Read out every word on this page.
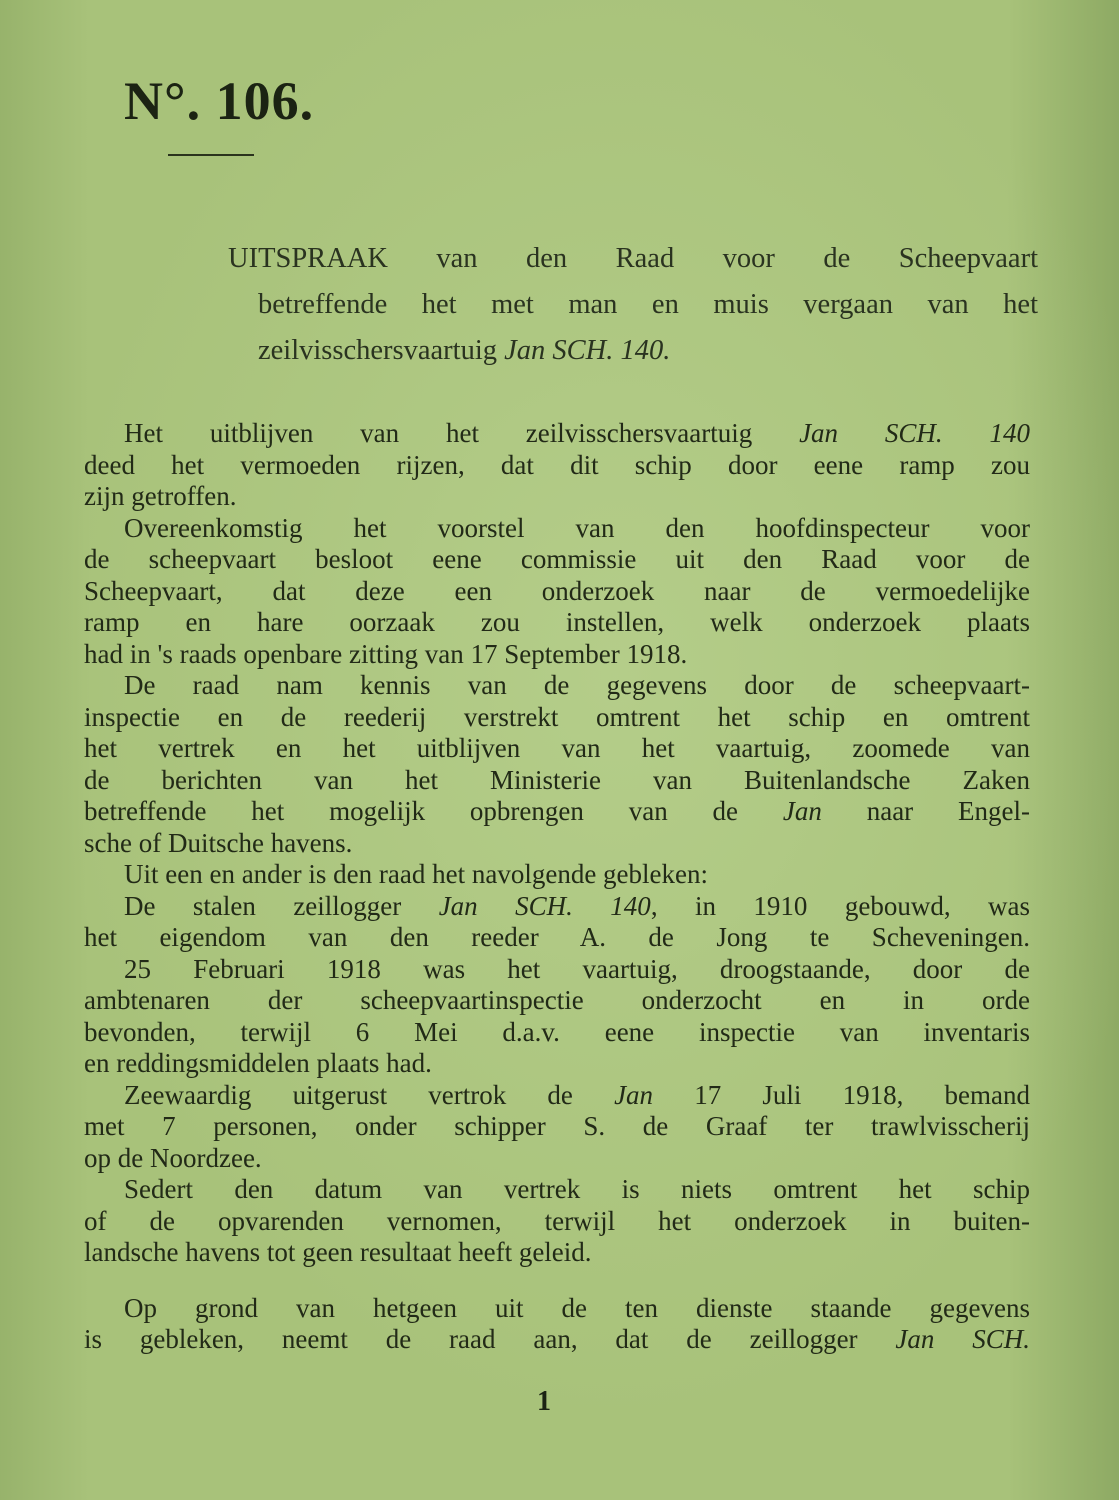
N°. 106.
UITSPRAAK van den Raad voor de Scheepvaart
betreffende het met man en muis vergaan van het
zeilvisschersvaartuig Jan SCH. 140.
Het uitblijven van het zeilvisschersvaartuig Jan SCH. 140
deed het vermoeden rijzen, dat dit schip door eene ramp zou
zijn getroffen.
Overeenkomstig het voorstel van den hoofdinspecteur voor
de scheepvaart besloot eene commissie uit den Raad voor de
Scheepvaart, dat deze een onderzoek naar de vermoedelijke
ramp en hare oorzaak zou instellen, welk onderzoek plaats
had in 's raads openbare zitting van 17 September 1918.
De raad nam kennis van de gegevens door de scheepvaart-
inspectie en de reederij verstrekt omtrent het schip en omtrent
het vertrek en het uitblijven van het vaartuig, zoomede van
de berichten van het Ministerie van Buitenlandsche Zaken
betreffende het mogelijk opbrengen van de Jan naar Engel-
sche of Duitsche havens.
Uit een en ander is den raad het navolgende gebleken:
De stalen zeillogger Jan SCH. 140, in 1910 gebouwd, was
het eigendom van den reeder A. de Jong te Scheveningen.
25 Februari 1918 was het vaartuig, droogstaande, door de
ambtenaren der scheepvaartinspectie onderzocht en in orde
bevonden, terwijl 6 Mei d.a.v. eene inspectie van inventaris
en reddingsmiddelen plaats had.
Zeewaardig uitgerust vertrok de Jan 17 Juli 1918, bemand
met 7 personen, onder schipper S. de Graaf ter trawlvisscherij
op de Noordzee.
Sedert den datum van vertrek is niets omtrent het schip
of de opvarenden vernomen, terwijl het onderzoek in buiten-
landsche havens tot geen resultaat heeft geleid.
Op grond van hetgeen uit de ten dienste staande gegevens
is gebleken, neemt de raad aan, dat de zeillogger Jan SCH.
1
